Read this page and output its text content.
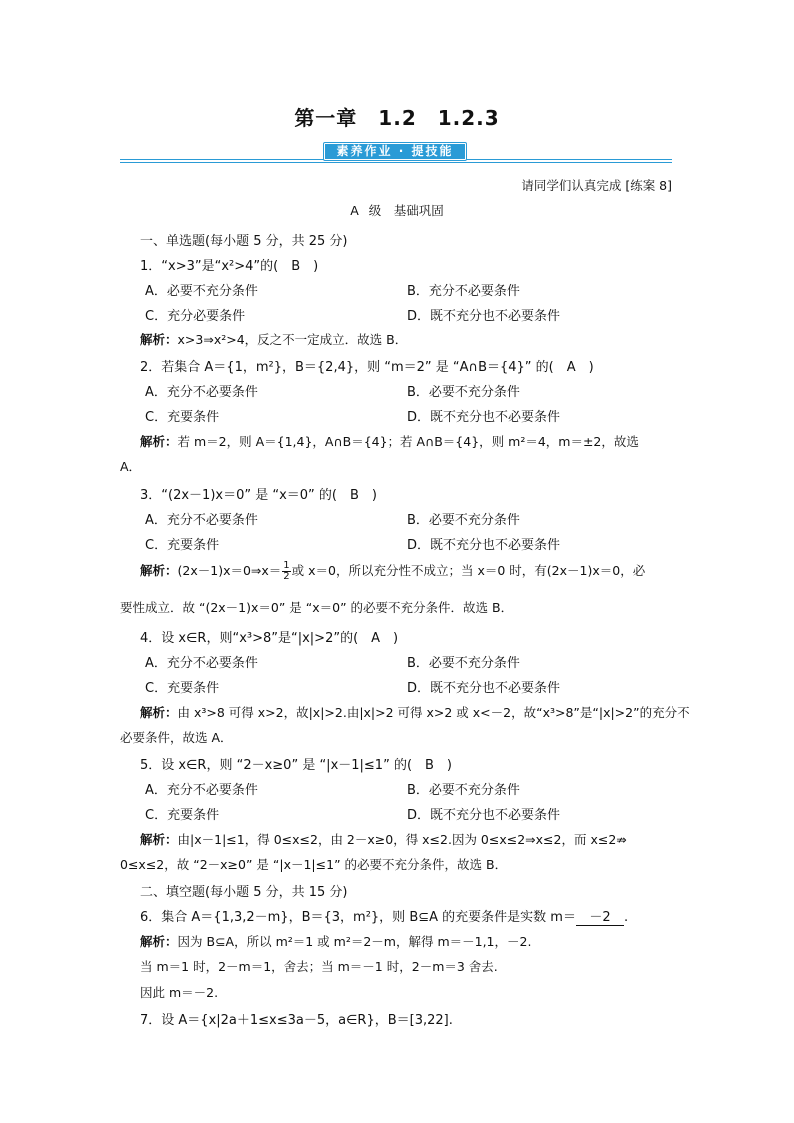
第一章　1.2　1.2.3
素养作业 · 提技能
请同学们认真完成 [练案 8]
A 级　基础巩固
一、单选题(每小题 5 分，共 25 分)
1．“x>3”是“x²>4”的(　B　)
A．必要不充分条件	B．充分不必要条件
C．充分必要条件	D．既不充分也不必要条件
解析：x>3⇒x²>4，反之不一定成立．故选 B．
2．若集合 A＝{1，m²}，B＝{2,4}，则 “m＝2” 是 “A∩B＝{4}” 的(　A　)
A．充分不必要条件	B．必要不充分条件
C．充要条件	D．既不充分也不必要条件
解析：若 m＝2，则 A＝{1,4}，A∩B＝{4}；若 A∩B＝{4}，则 m²＝4，m＝±2，故选
A．
3．“(2x－1)x＝0” 是 “x＝0” 的(　B　)
A．充分不必要条件	B．必要不充分条件
C．充要条件	D．既不充分也不必要条件
解析：(2x－1)x＝0⇒x＝ $\frac{1}{2}$ 或 x＝0，所以充分性不成立；当 x＝0 时，有(2x－1)x＝0，必
要性成立．故 “(2x－1)x＝0” 是 “x＝0” 的必要不充分条件．故选 B．
4．设 x∈R，则“x³>8”是“|x|>2”的(　A　)
A．充分不必要条件	B．必要不充分条件
C．充要条件	D．既不充分也不必要条件
解析：由 x³>8 可得 x>2，故|x|>2.由|x|>2 可得 x>2 或 x<－2，故“x³>8”是“|x|>2”的充分不
必要条件，故选 A．
5．设 x∈R，则 “2－x≥0” 是 “|x－1|≤1” 的(　B　)
A．充分不必要条件	B．必要不充分条件
C．充要条件	D．既不充分也不必要条件
解析：由|x－1|≤1，得 0≤x≤2，由 2－x≥0，得 x≤2.因为 0≤x≤2⇒x≤2，而 x≤2⇏
0≤x≤2，故 “2－x≥0” 是 “|x－1|≤1” 的必要不充分条件，故选 B．
二、填空题(每小题 5 分，共 15 分)
6．集合 A＝{1,3,2－m}，B＝{3，m²}，则 B⊆A 的充要条件是实数 m＝ －2 .
解析：因为 B⊆A，所以 m²＝1 或 m²＝2－m，解得 m＝－1,1，－2.
当 m＝1 时，2－m＝1，舍去；当 m＝－1 时，2－m＝3 舍去.
因此 m＝－2.
7．设 A＝{x|2a＋1≤x≤3a－5，a∈R}，B＝[3,22].
